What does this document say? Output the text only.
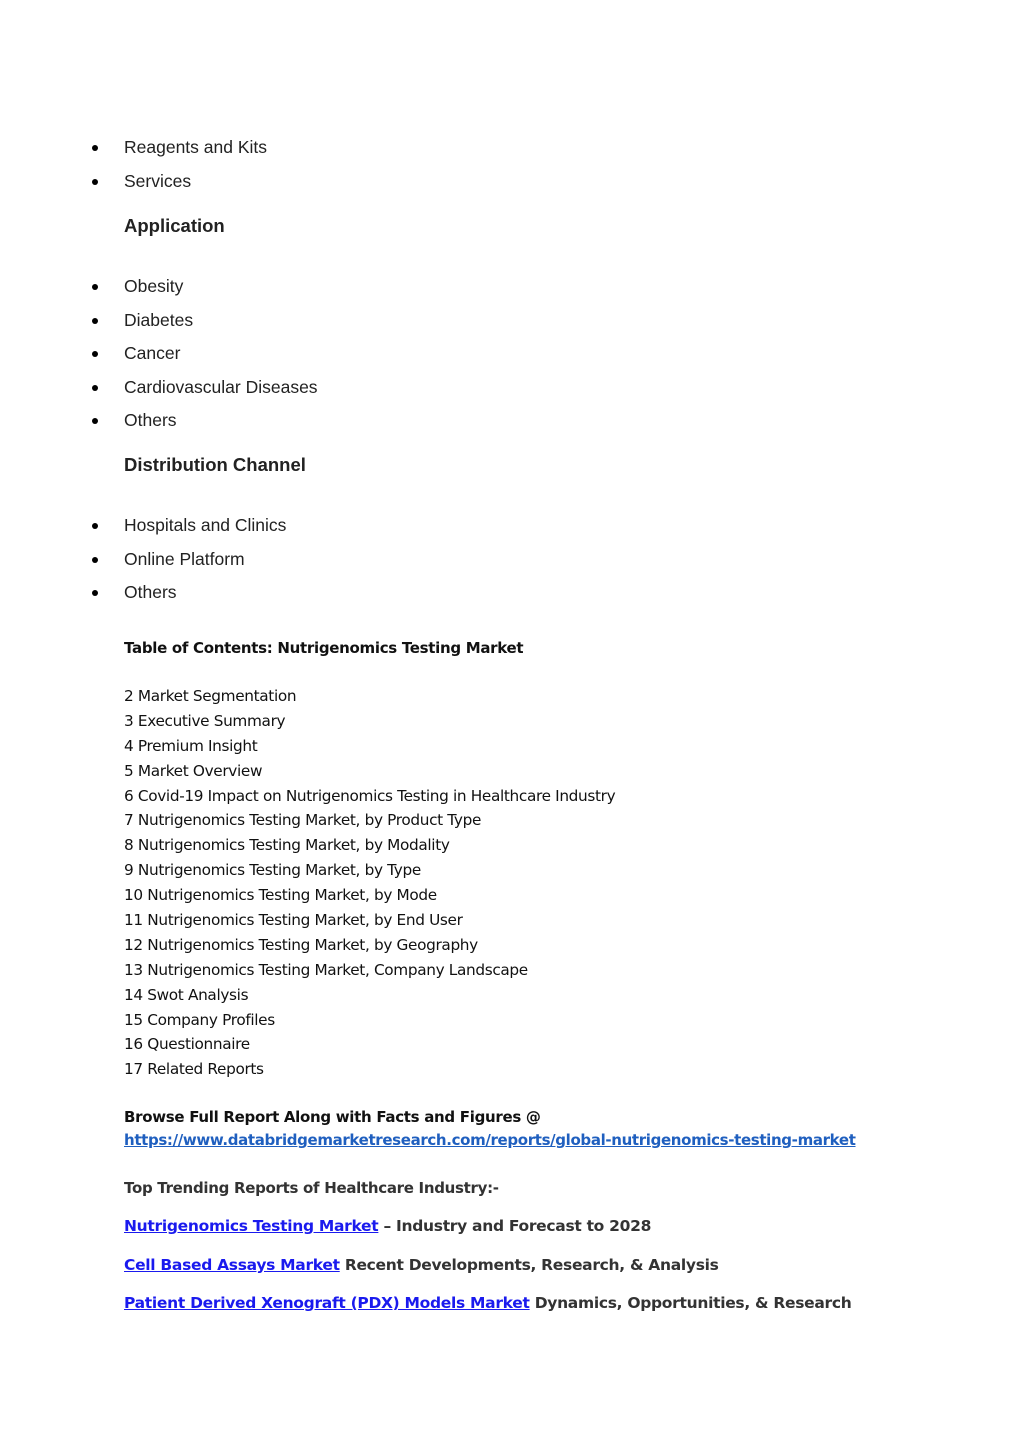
Reagents and Kits
Services
Application
Obesity
Diabetes
Cancer
Cardiovascular Diseases
Others
Distribution Channel
Hospitals and Clinics
Online Platform
Others
Table of Contents: Nutrigenomics Testing Market
2 Market Segmentation
3 Executive Summary
4 Premium Insight
5 Market Overview
6 Covid-19 Impact on Nutrigenomics Testing in Healthcare Industry
7 Nutrigenomics Testing Market, by Product Type
8 Nutrigenomics Testing Market, by Modality
9 Nutrigenomics Testing Market, by Type
10 Nutrigenomics Testing Market, by Mode
11 Nutrigenomics Testing Market, by End User
12 Nutrigenomics Testing Market, by Geography
13 Nutrigenomics Testing Market, Company Landscape
14 Swot Analysis
15 Company Profiles
16 Questionnaire
17 Related Reports
Browse Full Report Along with Facts and Figures @
https://www.databridgemarketresearch.com/reports/global-nutrigenomics-testing-market
Top Trending Reports of Healthcare Industry:-
Nutrigenomics Testing Market – Industry and Forecast to 2028
Cell Based Assays Market Recent Developments, Research, & Analysis
Patient Derived Xenograft (PDX) Models Market Dynamics, Opportunities, & Research
